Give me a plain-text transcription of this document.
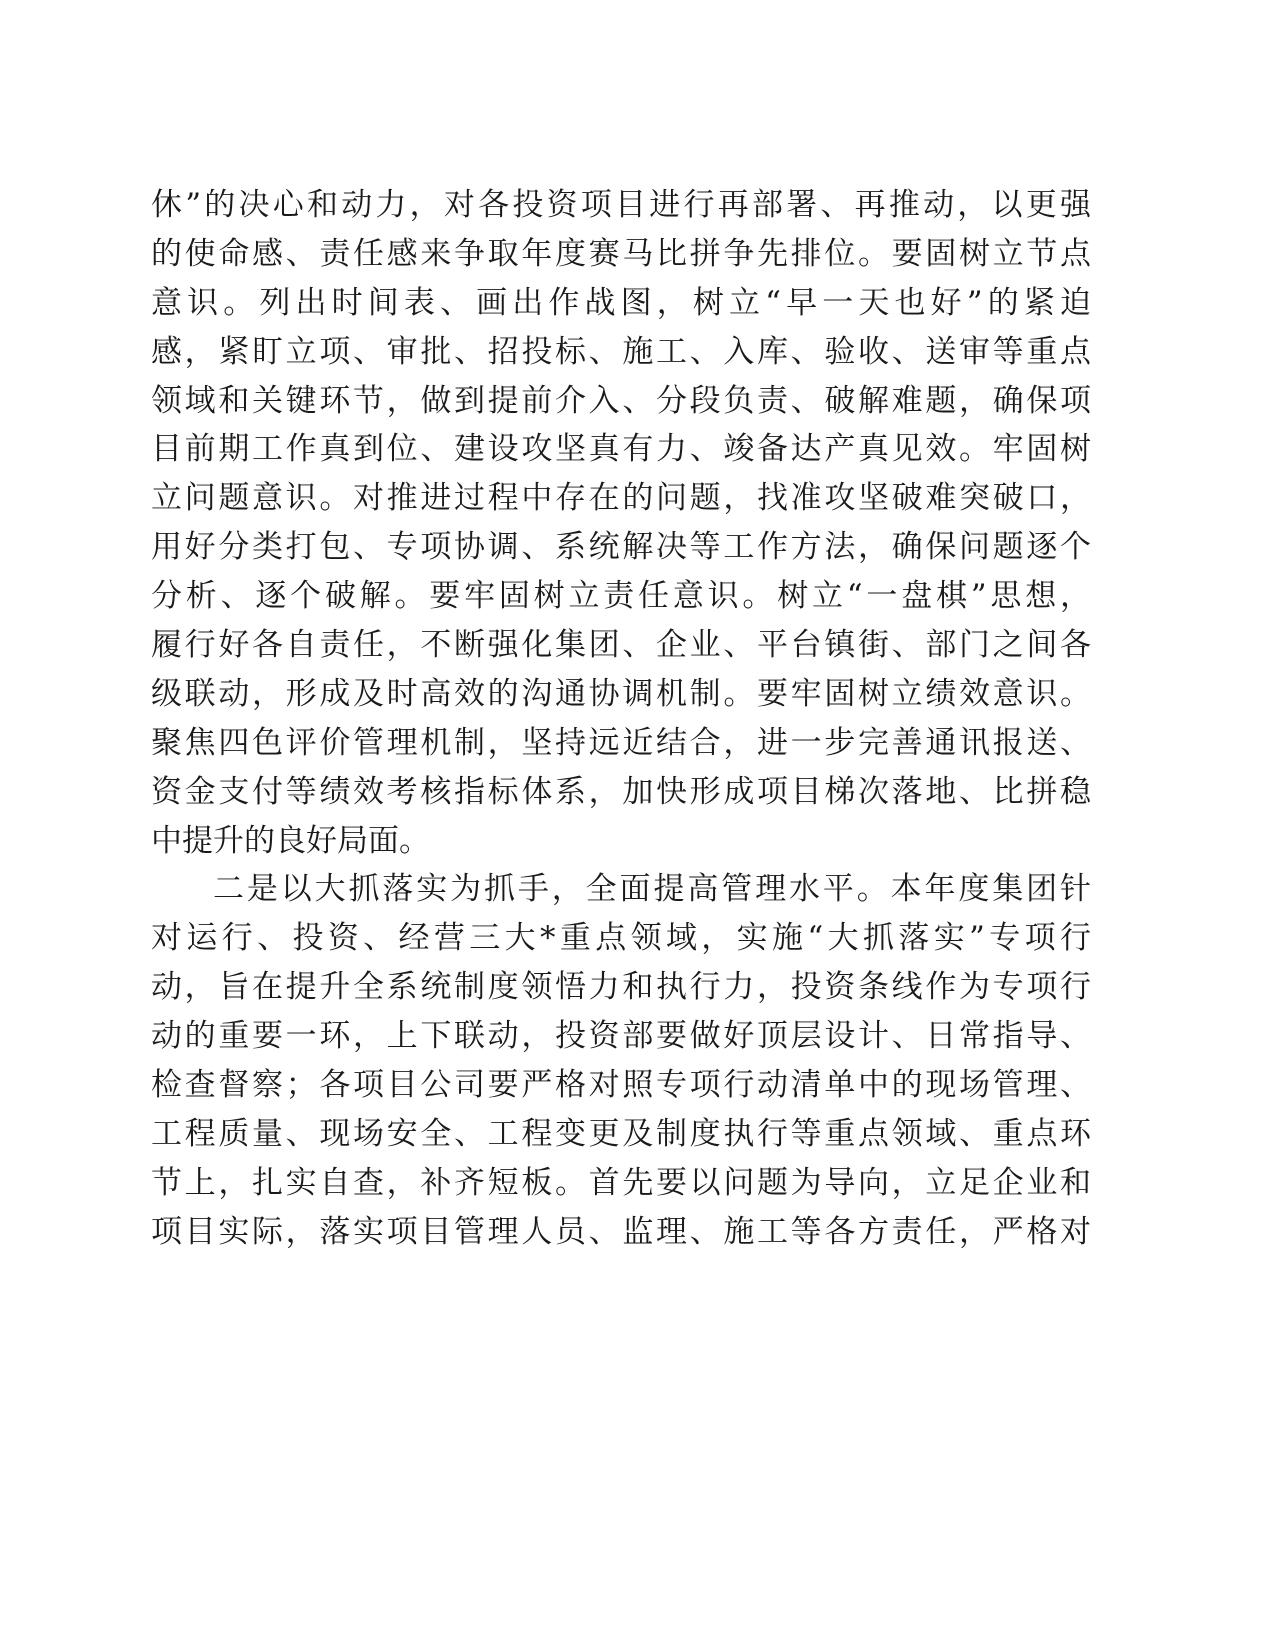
休”的决心和动力，对各投资项目进行再部署、再推动，以更强
的使命感、责任感来争取年度赛马比拼争先排位。要固树立节点
意识。列出时间表、画出作战图，树立“早一天也好”的紧迫
感，紧盯立项、审批、招投标、施工、入库、验收、送审等重点
领域和关键环节，做到提前介入、分段负责、破解难题，确保项
目前期工作真到位、建设攻坚真有力、竣备达产真见效。牢固树
立问题意识。对推进过程中存在的问题，找准攻坚破难突破口，
用好分类打包、专项协调、系统解决等工作方法，确保问题逐个
分析、逐个破解。要牢固树立责任意识。树立“一盘棋”思想，
履行好各自责任，不断强化集团、企业、平台镇街、部门之间各
级联动，形成及时高效的沟通协调机制。要牢固树立绩效意识。
聚焦四色评价管理机制，坚持远近结合，进一步完善通讯报送、
资金支付等绩效考核指标体系，加快形成项目梯次落地、比拼稳
中提升的良好局面。
二是以大抓落实为抓手，全面提高管理水平。本年度集团针
对运行、投资、经营三大*重点领域，实施“大抓落实”专项行
动，旨在提升全系统制度领悟力和执行力，投资条线作为专项行
动的重要一环，上下联动，投资部要做好顶层设计、日常指导、
检查督察；各项目公司要严格对照专项行动清单中的现场管理、
工程质量、现场安全、工程变更及制度执行等重点领域、重点环
节上，扎实自查，补齐短板。首先要以问题为导向，立足企业和
项目实际，落实项目管理人员、监理、施工等各方责任，严格对
